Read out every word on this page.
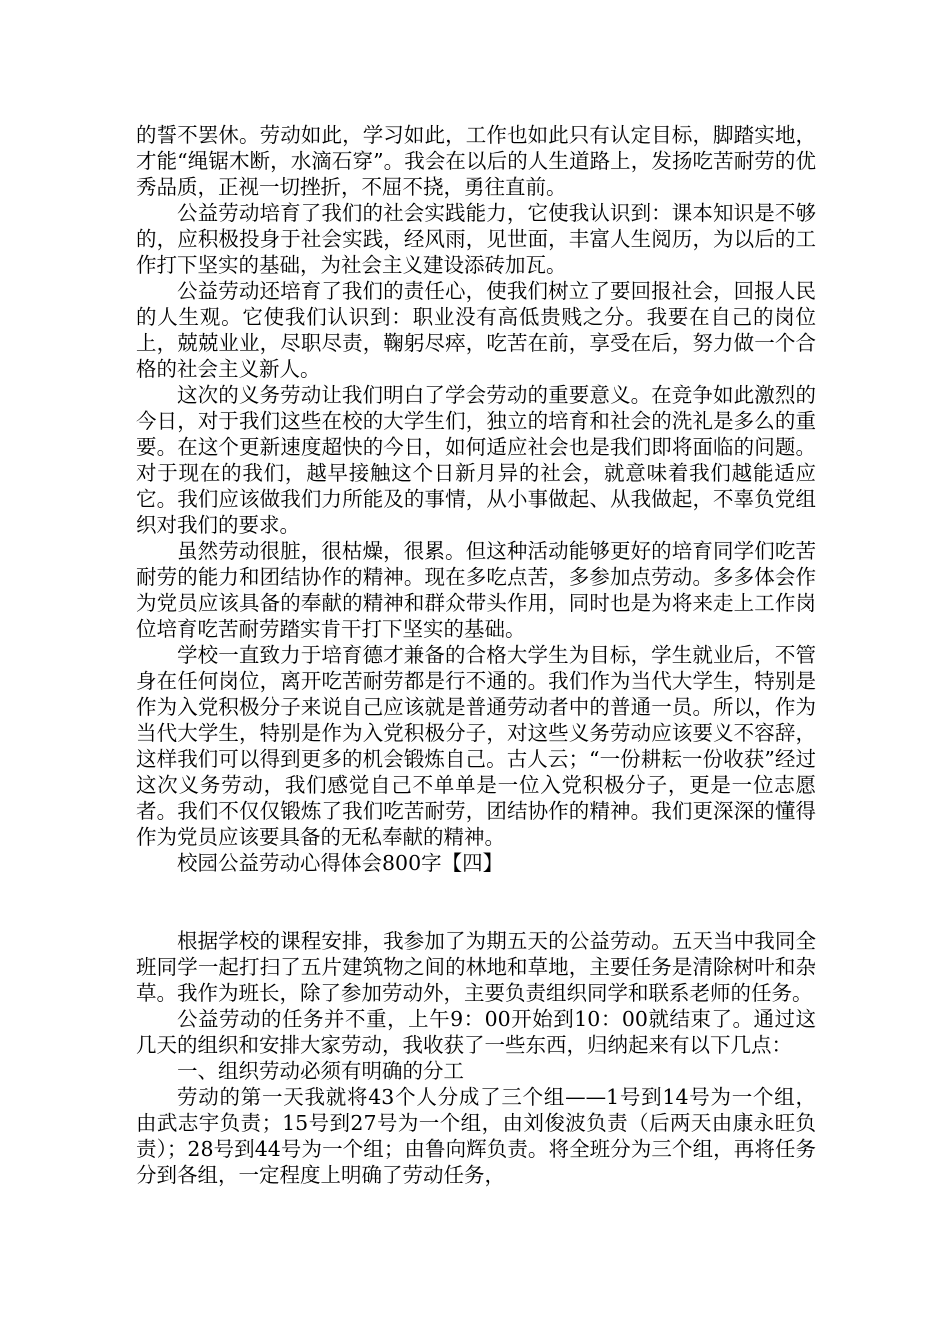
的誓不罢休。劳动如此，学习如此，工作也如此只有认定目标，脚踏实地，才能“绳锯木断，水滴石穿”。我会在以后的人生道路上，发扬吃苦耐劳的优秀品质，正视一切挫折，不屈不挠，勇往直前。

公益劳动培育了我们的社会实践能力，它使我认识到：课本知识是不够的，应积极投身于社会实践，经风雨，见世面，丰富人生阅历，为以后的工作打下坚实的基础，为社会主义建设添砖加瓦。

公益劳动还培育了我们的责任心，使我们树立了要回报社会，回报人民的人生观。它使我们认识到：职业没有高低贵贱之分。我要在自己的岗位上，兢兢业业，尽职尽责，鞠躬尽瘁，吃苦在前，享受在后，努力做一个合格的社会主义新人。

这次的义务劳动让我们明白了学会劳动的重要意义。在竞争如此激烈的今日，对于我们这些在校的大学生们，独立的培育和社会的洗礼是多么的重要。在这个更新速度超快的今日，如何适应社会也是我们即将面临的问题。对于现在的我们，越早接触这个日新月异的社会，就意味着我们越能适应它。我们应该做我们力所能及的事情，从小事做起、从我做起，不辜负党组织对我们的要求。

虽然劳动很脏，很枯燥，很累。但这种活动能够更好的培育同学们吃苦耐劳的能力和团结协作的精神。现在多吃点苦，多参加点劳动。多多体会作为党员应该具备的奉献的精神和群众带头作用，同时也是为将来走上工作岗位培育吃苦耐劳踏实肯干打下坚实的基础。

学校一直致力于培育德才兼备的合格大学生为目标，学生就业后，不管身在任何岗位，离开吃苦耐劳都是行不通的。我们作为当代大学生，特别是作为入党积极分子来说自己应该就是普通劳动者中的普通一员。所以，作为当代大学生，特别是作为入党积极分子，对这些义务劳动应该要义不容辞，这样我们可以得到更多的机会锻炼自己。古人云；“一份耕耘一份收获”经过这次义务劳动，我们感觉自己不单单是一位入党积极分子，更是一位志愿者。我们不仅仅锻炼了我们吃苦耐劳，团结协作的精神。我们更深深的懂得作为党员应该要具备的无私奉献的精神。

校园公益劳动心得体会800字【四】

根据学校的课程安排，我参加了为期五天的公益劳动。五天当中我同全班同学一起打扫了五片建筑物之间的林地和草地，主要任务是清除树叶和杂草。我作为班长，除了参加劳动外，主要负责组织同学和联系老师的任务。

公益劳动的任务并不重，上午9：00开始到10：00就结束了。通过这几天的组织和安排大家劳动，我收获了一些东西，归纳起来有以下几点：

一、组织劳动必须有明确的分工

劳动的第一天我就将43个人分成了三个组——1号到14号为一个组，由武志宇负责；15号到27号为一个组，由刘俊波负责（后两天由康永旺负责）；28号到44号为一个组；由鲁向辉负责。将全班分为三个组，再将任务分到各组，一定程度上明确了劳动任务，
